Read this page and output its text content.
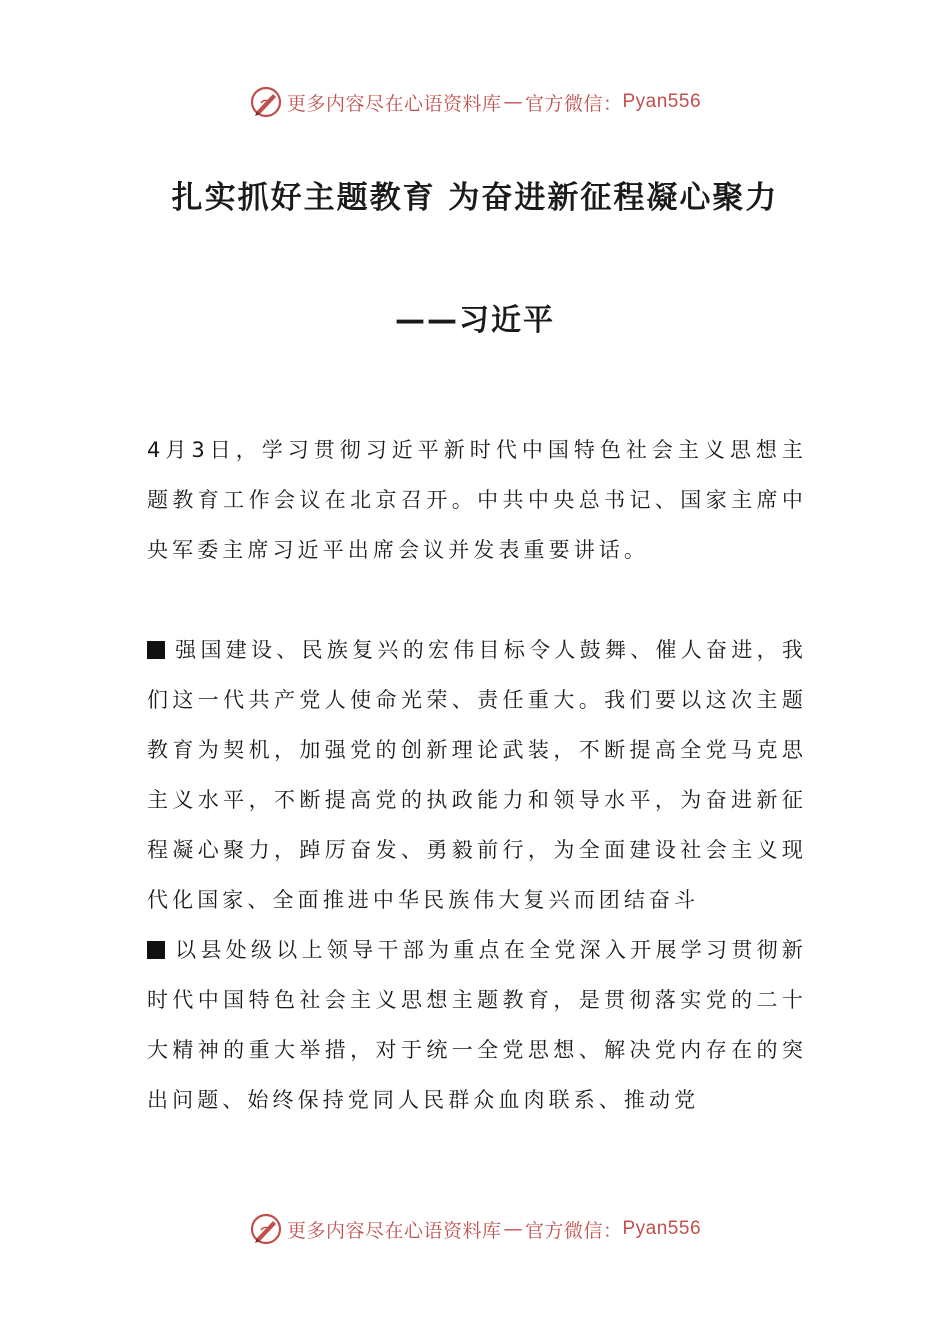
更多内容尽在心语资料库 — 官方微信： Pyan556
扎实抓好主题教育 为奋进新征程凝心聚力
——习近平

4月3日，学习贯彻习近平新时代中国特色社会主义思想主题教育工作会议在北京召开。中共中央总书记、国家主席中央军委主席习近平出席会议并发表重要讲话。

强国建设、民族复兴的宏伟目标令人鼓舞、催人奋进，我们这一代共产党人使命光荣、责任重大。我们要以这次主题教育为契机，加强党的创新理论武装，不断提高全党马克思主义水平，不断提高党的执政能力和领导水平，为奋进新征程凝心聚力，踔厉奋发、勇毅前行，为全面建设社会主义现代化国家、全面推进中华民族伟大复兴而团结奋斗

以县处级以上领导干部为重点在全党深入开展学习贯彻新时代中国特色社会主义思想主题教育，是贯彻落实党的二十大精神的重大举措，对于统一全党思想、解决党内存在的突出问题、始终保持党同人民群众血肉联系、推动党

更多内容尽在心语资料库 — 官方微信： Pyan556
